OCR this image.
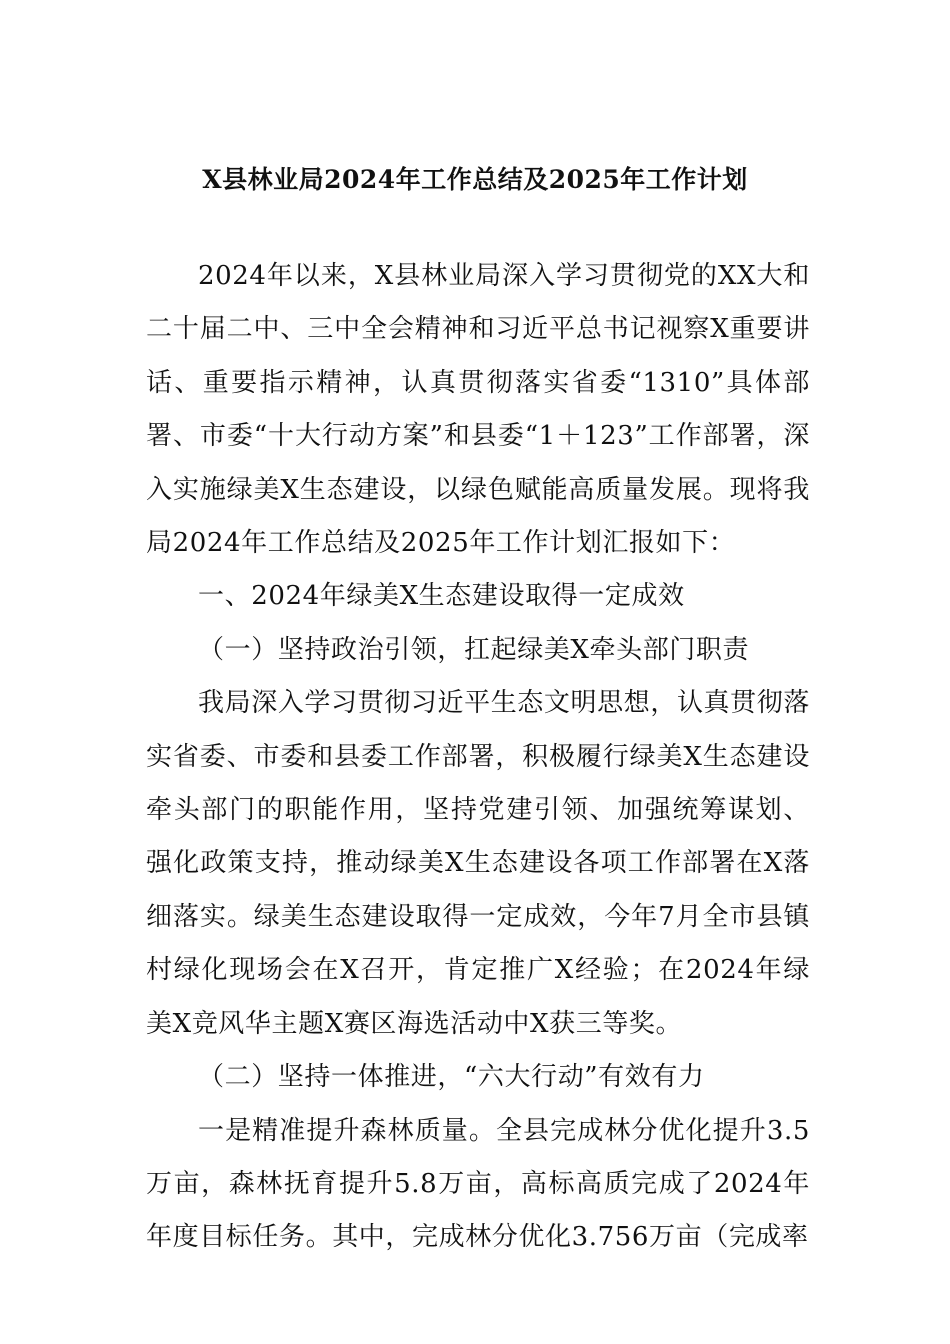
X县林业局2024年工作总结及2025年工作计划

2024年以来，X县林业局深入学习贯彻党的XX大和二十届二中、三中全会精神和习近平总书记视察X重要讲话、重要指示精神，认真贯彻落实省委“1310”具体部署、市委“十大行动方案”和县委“1＋123”工作部署，深入实施绿美X生态建设，以绿色赋能高质量发展。现将我局2024年工作总结及2025年工作计划汇报如下：

一、2024年绿美X生态建设取得一定成效

（一）坚持政治引领，扛起绿美X牵头部门职责

我局深入学习贯彻习近平生态文明思想，认真贯彻落实省委、市委和县委工作部署，积极履行绿美X生态建设牵头部门的职能作用，坚持党建引领、加强统筹谋划、强化政策支持，推动绿美X生态建设各项工作部署在X落细落实。绿美生态建设取得一定成效，今年7月全市县镇村绿化现场会在X召开，肯定推广X经验；在2024年绿美X竞风华主题X赛区海选活动中X获三等奖。

（二）坚持一体推进，“六大行动”有效有力

一是精准提升森林质量。全县完成林分优化提升3.5万亩，森林抚育提升5.8万亩，高标高质完成了2024年年度目标任务。其中，完成林分优化3.756万亩（完成率
